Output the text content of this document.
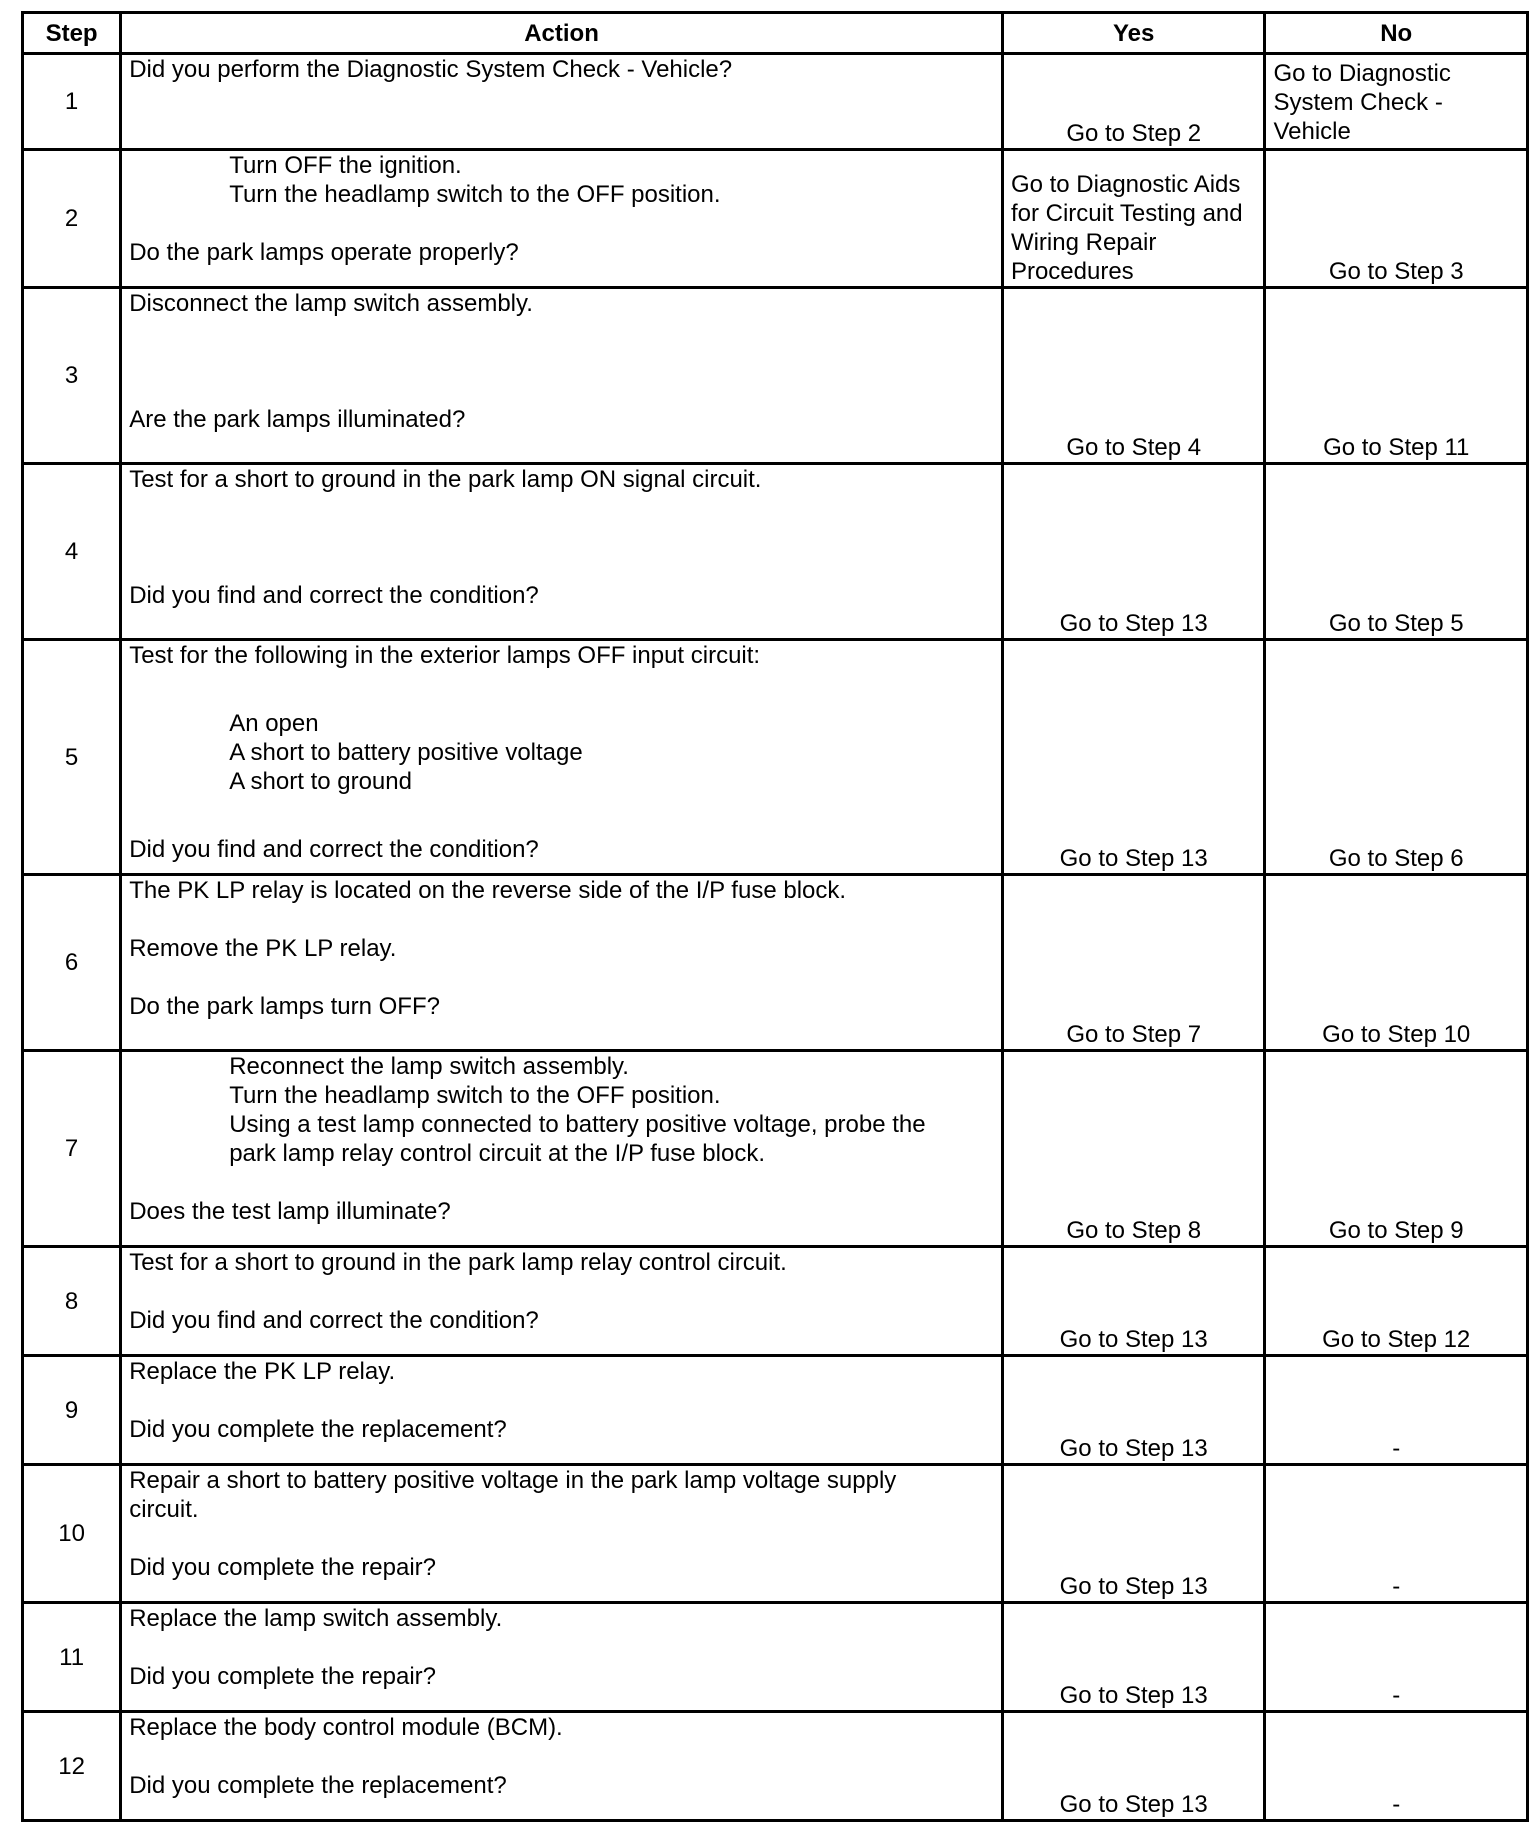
Step	Action	Yes	No
1	Did you perform the Diagnostic System Check - Vehicle?	Go to Step 2	Go to Diagnostic System Check - Vehicle
2	Turn OFF the ignition.
Turn the headlamp switch to the OFF position.
Do the park lamps operate properly?	Go to Diagnostic Aids for Circuit Testing and Wiring Repair Procedures	Go to Step 3
3	Disconnect the lamp switch assembly.
Are the park lamps illuminated?	Go to Step 4	Go to Step 11
4	Test for a short to ground in the park lamp ON signal circuit.
Did you find and correct the condition?	Go to Step 13	Go to Step 5
5	Test for the following in the exterior lamps OFF input circuit:
An open
A short to battery positive voltage
A short to ground
Did you find and correct the condition?	Go to Step 13	Go to Step 6
6	The PK LP relay is located on the reverse side of the I/P fuse block.
Remove the PK LP relay.
Do the park lamps turn OFF?	Go to Step 7	Go to Step 10
7	Reconnect the lamp switch assembly.
Turn the headlamp switch to the OFF position.
Using a test lamp connected to battery positive voltage, probe the park lamp relay control circuit at the I/P fuse block.
Does the test lamp illuminate?	Go to Step 8	Go to Step 9
8	Test for a short to ground in the park lamp relay control circuit.
Did you find and correct the condition?	Go to Step 13	Go to Step 12
9	Replace the PK LP relay.
Did you complete the replacement?	Go to Step 13	-
10	Repair a short to battery positive voltage in the park lamp voltage supply circuit.
Did you complete the repair?	Go to Step 13	-
11	Replace the lamp switch assembly.
Did you complete the repair?	Go to Step 13	-
12	Replace the body control module (BCM).
Did you complete the replacement?	Go to Step 13	-
